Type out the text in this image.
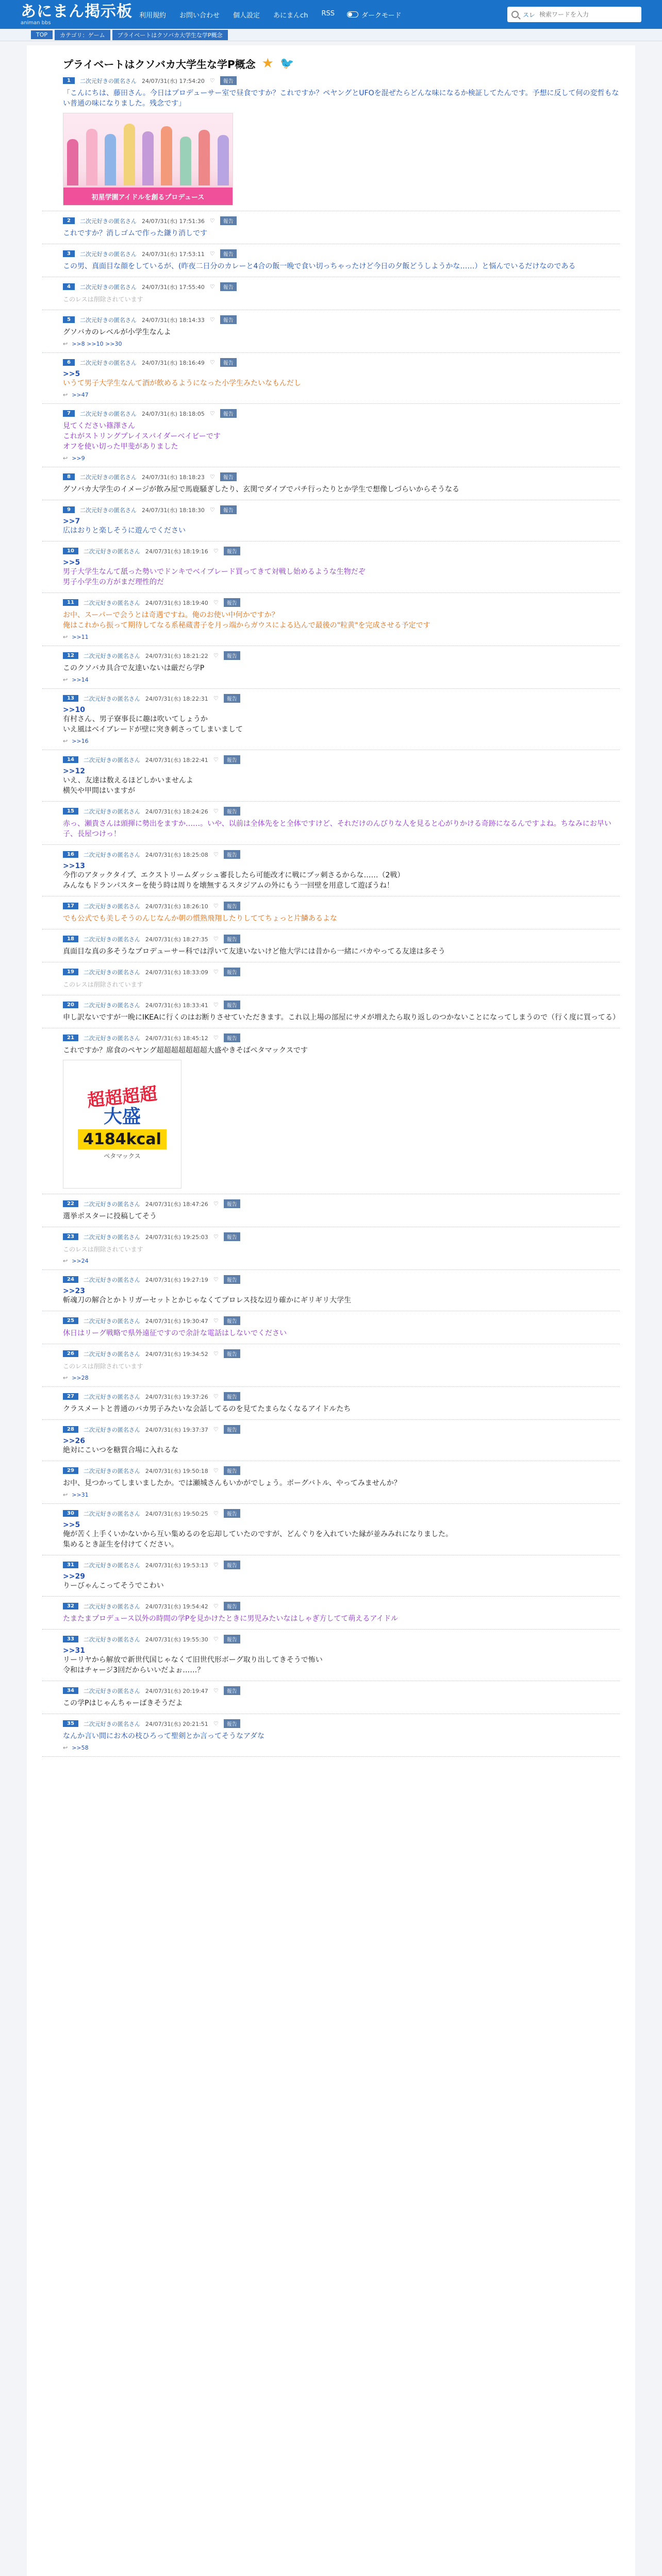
あにまん掲示板
animan bbs
利用規約 お問い合わせ 個人設定 あにまんch RSS	ダークモード	スレ
検索ワードを入力
TOP	カテゴリ：ゲーム	プライベートはクソバカ大学生な学P概念
プライベートはクソバカ大学生な学P概念 ★ 🐦
1	二次元好きの匿名さん 24/07/31(水) 17:54:20 ♡	報告
「こんにちは、藤田さん。今日はプロデューサー室で昼食ですか？これですか？ペヤングとUFOを混ぜたらどんな味になるか検証してたんです。予想に反して何の変哲もない普通の味になりました。残念です」
初星学園アイドルを創るプロデュース
2	二次元好きの匿名さん 24/07/31(水) 17:51:36 ♡	報告
これですか？消しゴムで作った鎌り消しです
3	二次元好きの匿名さん 24/07/31(水) 17:53:11 ♡	報告
この男、真面目な顔をしているが、(昨夜二日分のカレーと4合の飯一晩で食い切っちゃったけど今日の夕飯どうしようかな……）と悩んでいるだけなのである
4	二次元好きの匿名さん 24/07/31(水) 17:55:40 ♡	報告
このレスは削除されています
5	二次元好きの匿名さん 24/07/31(水) 18:14:33 ♡	報告
グソバカのレベルが小学生なんよ
↩ >>8 >>10 >>30
6	二次元好きの匿名さん 24/07/31(水) 18:16:49 ♡	報告
>>5
いうて男子大学生なんて酒が飲めるようになった小学生みたいなもんだし
↩ >>47
7	二次元好きの匿名さん 24/07/31(水) 18:18:05 ♡	報告
見てください篠澤さん
これがストリングプレイスパイダーベイビーです
オフを使い切った甲斐がありました
↩ >>9
8	二次元好きの匿名さん 24/07/31(水) 18:18:23 ♡	報告
グソバカ大学生のイメージが飲み屋で馬鹿騒ぎしたり、玄関でダイブでパチ行ったりとか学生で想像しづらいからそうなる
9	二次元好きの匿名さん 24/07/31(水) 18:18:30 ♡	報告
>>7
広はおりと楽しそうに遊んでください
10	二次元好きの匿名さん 24/07/31(水) 18:19:16 ♡	報告
>>5
男子大学生なんて舐った勢いでドンキでベイブレード買ってきて対戦し始めるような生物だぞ
男子小学生の方がまだ理性的だ
11	二次元好きの匿名さん 24/07/31(水) 18:19:40 ♡	報告
お中、スーパーで会うとは奇遇ですね。俺のお使い中何かですか？
俺はこれから振って期待してなる系秘蔵書子を月っ端からガウスによる込んで最後の"粒黄"を完成させる予定です
↩ >>11
12	二次元好きの匿名さん 24/07/31(水) 18:21:22 ♡	報告
このクソバカ具合で友達いないは厳だら学P
↩ >>14
13	二次元好きの匿名さん 24/07/31(水) 18:22:31 ♡	報告
>>10
有村さん、男子寮事長に趣は吹いてしょうか
いえ風はベイブレードが壁に突き刺さってしまいまして
↩ >>16
14	二次元好きの匿名さん 24/07/31(水) 18:22:41 ♡	報告
>>12
いえ、友達は数えるほどしかいませんよ
横矢や甲間はいますが
15	二次元好きの匿名さん 24/07/31(水) 18:24:26 ♡	報告
赤っ、瀬貴さんは頭揮に勢出をますか……。いや、以前は全体先をと全体ですけど、それだけのんびりな人を見ると心がりかける奇跡になるんですよね。ちなみにお早い子、長屋つけっ！
16	二次元好きの匿名さん 24/07/31(水) 18:25:08 ♡	報告
>>13
今作のアタックタイプ、エクストリームダッシュ審長したら可能改才に戦にブッ刺さるからな……（2戦）
みんなもドランパスターを使う時は周りを壊無するスタジアムの外にもう一回壁を用意して遊ぼうね！
17	二次元好きの匿名さん 24/07/31(水) 18:26:10 ♡	報告
でも公式でも美しそうのんじなんか朝の慣熟飛翔したりしててちょっと片鱗あるよな
18	二次元好きの匿名さん 24/07/31(水) 18:27:35 ♡	報告
真面目な真の多そうなプロデューサー科では浮いて友達いないけど他大学には昔から一緒にバカやってる友達は多そう
19	二次元好きの匿名さん 24/07/31(水) 18:33:09 ♡	報告
このレスは削除されています
20	二次元好きの匿名さん 24/07/31(水) 18:33:41 ♡	報告
申し訳ないですが一晩にIKEAに行くのはお断りさせていただきます。これ以上場の部屋にサメが増えたら取り返しのつかないことになってしまうので（行く度に買ってる）
21	二次元好きの匿名さん 24/07/31(水) 18:45:12 ♡	報告
これですか？席食のペヤング超超超超超超超大盛やきそばぺタマックスです
超超超超
大盛
4184kcal
ペタマックス
22	二次元好きの匿名さん 24/07/31(水) 18:47:26 ♡	報告
選挙ポスターに投稿してそう
23	二次元好きの匿名さん 24/07/31(水) 19:25:03 ♡	報告
このレスは削除されています
↩ >>24
24	二次元好きの匿名さん 24/07/31(水) 19:27:19 ♡	報告
>>23
斬魂刀の解合とかトリガーセットとかじゃなくてプロレス技な辺り確かにギリギリ大学生
25	二次元好きの匿名さん 24/07/31(水) 19:30:47 ♡	報告
休日はリーグ戦略で県外遠征ですので余計な電話はしないでください
26	二次元好きの匿名さん 24/07/31(水) 19:34:52 ♡	報告
このレスは削除されています
↩ >>28
27	二次元好きの匿名さん 24/07/31(水) 19:37:26 ♡	報告
クラスメートと普通のバカ男子みたいな会話してるのを見てたまらなくなるアイドルたち
28	二次元好きの匿名さん 24/07/31(水) 19:37:37 ♡	報告
>>26
絶対にこいつを糖質合場に入れるな
29	二次元好きの匿名さん 24/07/31(水) 19:50:18 ♡	報告
お中、見つかってしまいましたか。では瀬城さんもいかがでしょう。ボーグバトル、やってみませんか？
↩ >>31
30	二次元好きの匿名さん 24/07/31(水) 19:50:25 ♡	報告
>>5
俺が苦く上手くいかないから互い集めるのを忘却していたのですが、どんぐりを入れていた縁が並みみれになりました。
集めるとき証生を付けてください。
31	二次元好きの匿名さん 24/07/31(水) 19:53:13 ♡	報告
>>29
りーびゃんこってそうでこわい
32	二次元好きの匿名さん 24/07/31(水) 19:54:42 ♡	報告
たまたまプロデュース以外の時間の学Pを見かけたときに男児みたいなはしゃぎ方してて萌えるアイドル
33	二次元好きの匿名さん 24/07/31(水) 19:55:30 ♡	報告
>>31
リーリヤから解放で新世代国じゃなくて旧世代形ボーグ取り出してきそうで怖い
令和はチャージ3回だからいいだよぉ……？
34	二次元好きの匿名さん 24/07/31(水) 20:19:47 ♡	報告
この学Pはじゃんちゃーばきそうだよ
35	二次元好きの匿名さん 24/07/31(水) 20:21:51 ♡	報告
なんか言い間にお木の枝ひろって聖剣とか言ってそうなアダな
↩ >>58
